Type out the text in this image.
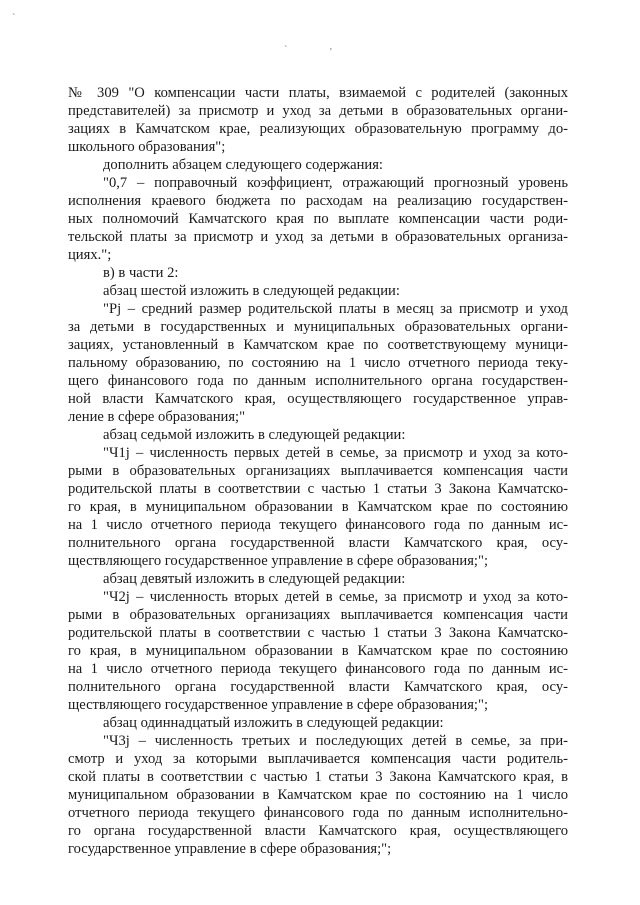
`
`	'
№ 309 "О компенсации части платы, взимаемой с родителей (законных
представителей) за присмотр и уход за детьми в образовательных органи-
зациях в Камчатском крае, реализующих образовательную программу до-
школьного образования";
дополнить абзацем следующего содержания:
"0,7 – поправочный коэффициент, отражающий прогнозный уровень
исполнения краевого бюджета по расходам на реализацию государствен-
ных полномочий Камчатского края по выплате компенсации части роди-
тельской платы за присмотр и уход за детьми в образовательных организа-
циях.";
в) в части 2:
абзац шестой изложить в следующей редакции:
"Pj – средний размер родительской платы в месяц за присмотр и уход
за детьми в государственных и муниципальных образовательных органи-
зациях, установленный в Камчатском крае по соответствующему муници-
пальному образованию, по состоянию на 1 число отчетного периода теку-
щего финансового года по данным исполнительного органа государствен-
ной власти Камчатского края, осуществляющего государственное управ-
ление в сфере образования;"
абзац седьмой изложить в следующей редакции:
"Ч1j – численность первых детей в семье, за присмотр и уход за кото-
рыми в образовательных организациях выплачивается компенсация части
родительской платы в соответствии с частью 1 статьи 3 Закона Камчатско-
го края, в муниципальном образовании в Камчатском крае по состоянию
на 1 число отчетного периода текущего финансового года по данным ис-
полнительного органа государственной власти Камчатского края, осу-
ществляющего государственное управление в сфере образования;";
абзац девятый изложить в следующей редакции:
"Ч2j – численность вторых детей в семье, за присмотр и уход за кото-
рыми в образовательных организациях выплачивается компенсация части
родительской платы в соответствии с частью 1 статьи 3 Закона Камчатско-
го края, в муниципальном образовании в Камчатском крае по состоянию
на 1 число отчетного периода текущего финансового года по данным ис-
полнительного органа государственной власти Камчатского края, осу-
ществляющего государственное управление в сфере образования;";
абзац одиннадцатый изложить в следующей редакции:
"Ч3j – численность третьих и последующих детей в семье, за при-
смотр и уход за которыми выплачивается компенсация части родитель-
ской платы в соответствии с частью 1 статьи 3 Закона Камчатского края, в
муниципальном образовании в Камчатском крае по состоянию на 1 число
отчетного периода текущего финансового года по данным исполнительно-
го органа государственной власти Камчатского края, осуществляющего
государственное управление в сфере образования;";
